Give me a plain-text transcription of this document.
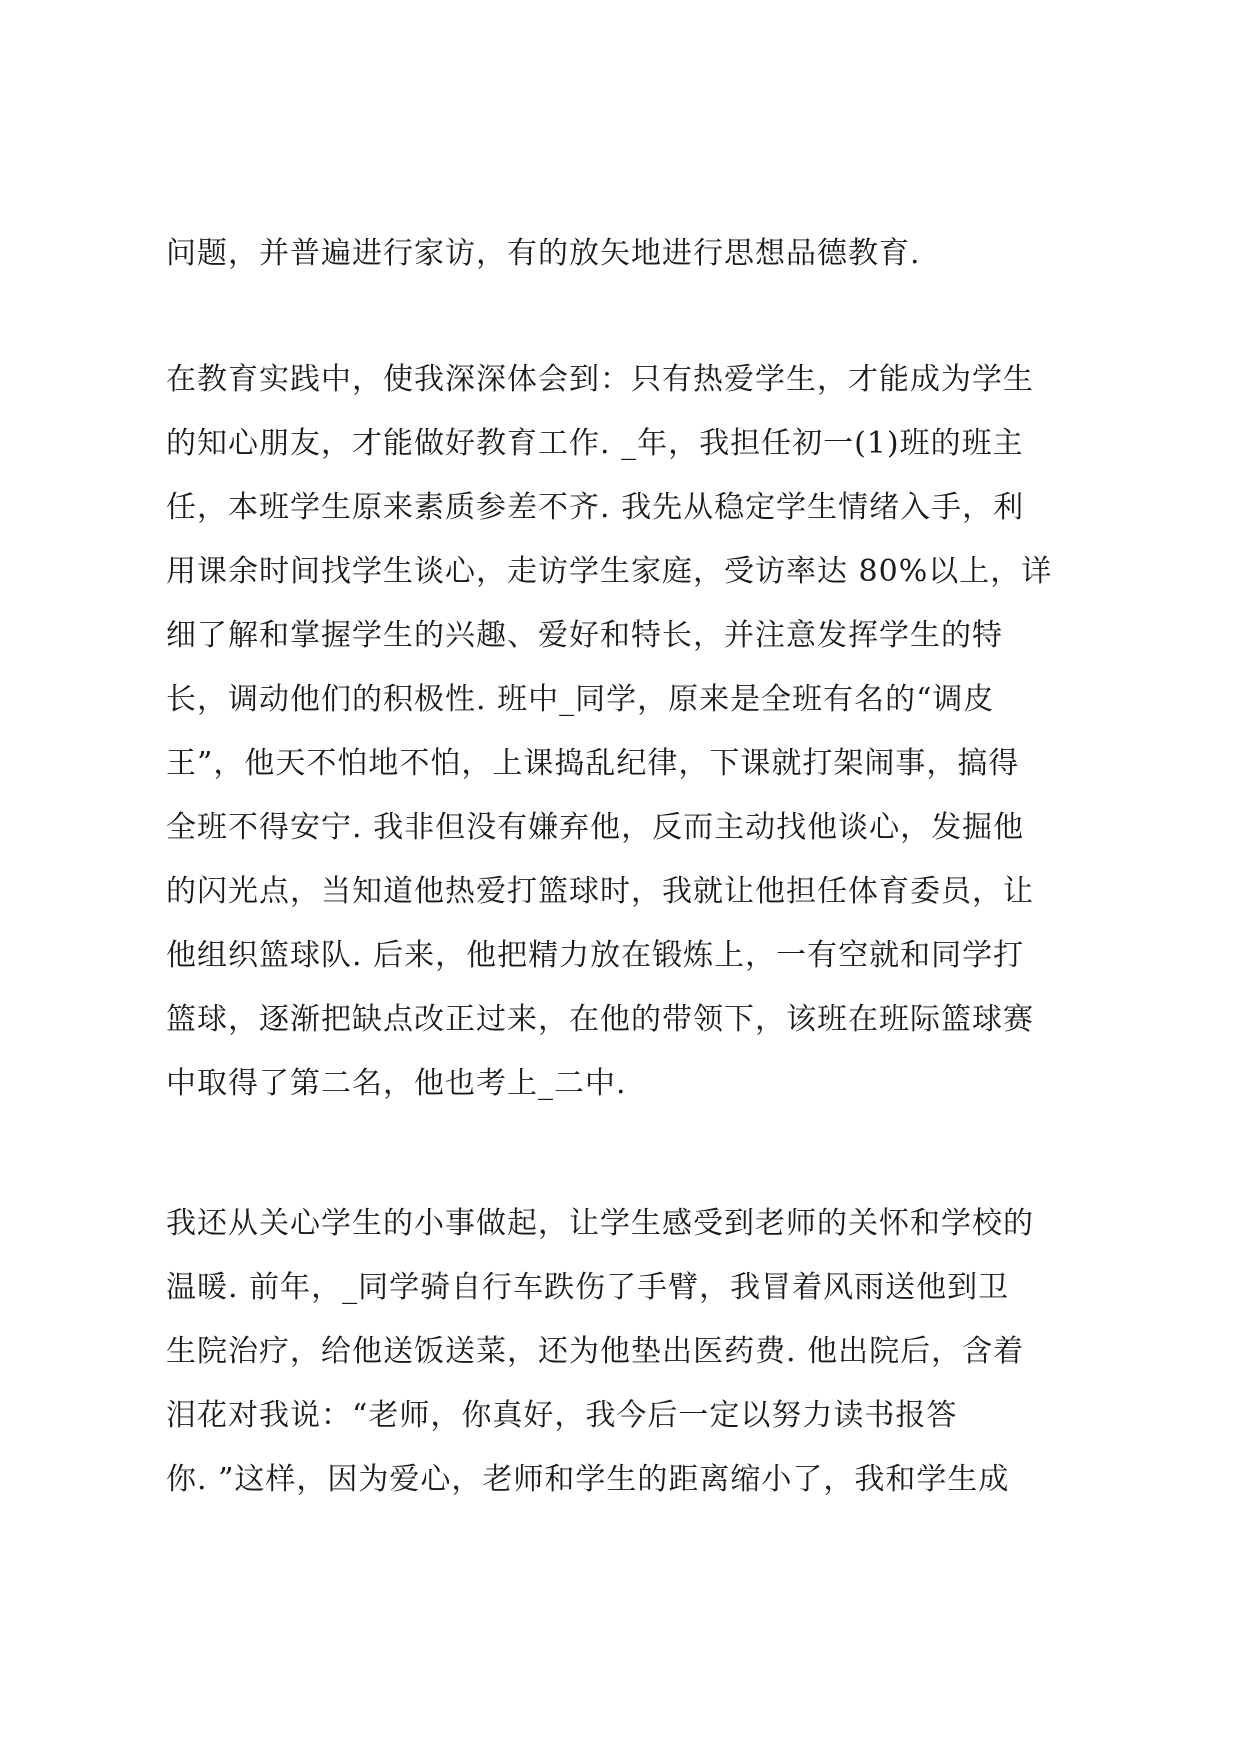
问题，并普遍进行家访，有的放矢地进行思想品德教育.

在教育实践中，使我深深体会到：只有热爱学生，才能成为学生
的知心朋友，才能做好教育工作. _年，我担任初一(1)班的班主
任，本班学生原来素质参差不齐. 我先从稳定学生情绪入手，利
用课余时间找学生谈心，走访学生家庭，受访率达 80%以上，详
细了解和掌握学生的兴趣、爱好和特长，并注意发挥学生的特
长，调动他们的积极性. 班中_同学，原来是全班有名的“调皮
王”，他天不怕地不怕，上课捣乱纪律，下课就打架闹事，搞得
全班不得安宁. 我非但没有嫌弃他，反而主动找他谈心，发掘他
的闪光点，当知道他热爱打篮球时，我就让他担任体育委员，让
他组织篮球队. 后来，他把精力放在锻炼上，一有空就和同学打
篮球，逐渐把缺点改正过来，在他的带领下，该班在班际篮球赛
中取得了第二名，他也考上_二中.

我还从关心学生的小事做起，让学生感受到老师的关怀和学校的
温暖. 前年，_同学骑自行车跌伤了手臂，我冒着风雨送他到卫
生院治疗，给他送饭送菜，还为他垫出医药费. 他出院后，含着
泪花对我说：“老师，你真好，我今后一定以努力读书报答
你. ”这样，因为爱心，老师和学生的距离缩小了，我和学生成
